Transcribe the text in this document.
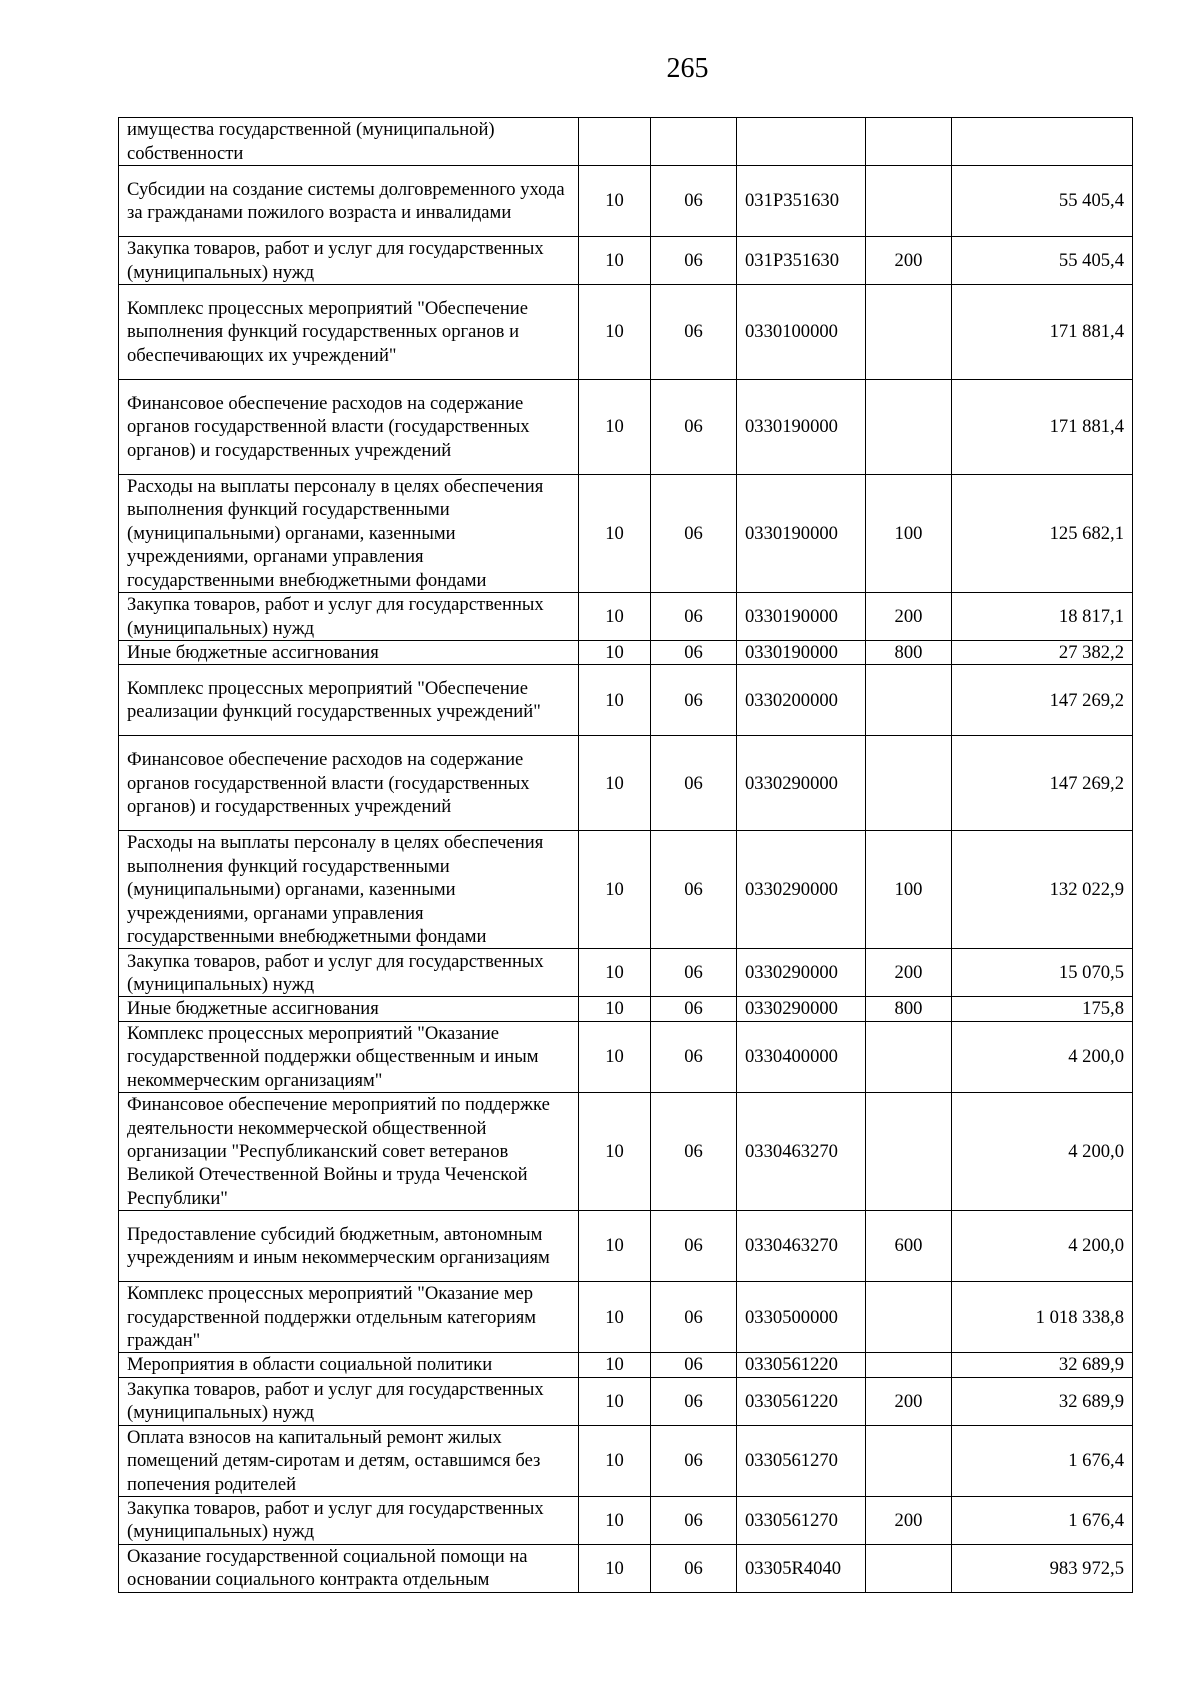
265
имущества государственной (муниципальной) собственности					
Субсидии на создание системы долговременного ухода за гражданами пожилого возраста и инвалидами	10	06	031P351630		55 405,4
Закупка товаров, работ и услуг для государственных (муниципальных) нужд	10	06	031P351630	200	55 405,4
Комплекс процессных мероприятий "Обеспечение выполнения функций государственных органов и обеспечивающих их учреждений"	10	06	0330100000		171 881,4
Финансовое обеспечение расходов на содержание органов государственной власти (государственных органов) и государственных учреждений	10	06	0330190000		171 881,4
Расходы на выплаты персоналу в целях обеспечения выполнения функций государственными (муниципальными) органами, казенными учреждениями, органами управления государственными внебюджетными фондами	10	06	0330190000	100	125 682,1
Закупка товаров, работ и услуг для государственных (муниципальных) нужд	10	06	0330190000	200	18 817,1
Иные бюджетные ассигнования	10	06	0330190000	800	27 382,2
Комплекс процессных мероприятий "Обеспечение реализации функций государственных учреждений"	10	06	0330200000		147 269,2
Финансовое обеспечение расходов на содержание органов государственной власти (государственных органов) и государственных учреждений	10	06	0330290000		147 269,2
Расходы на выплаты персоналу в целях обеспечения выполнения функций государственными (муниципальными) органами, казенными учреждениями, органами управления государственными внебюджетными фондами	10	06	0330290000	100	132 022,9
Закупка товаров, работ и услуг для государственных (муниципальных) нужд	10	06	0330290000	200	15 070,5
Иные бюджетные ассигнования	10	06	0330290000	800	175,8
Комплекс процессных мероприятий "Оказание государственной поддержки общественным и иным некоммерческим организациям"	10	06	0330400000		4 200,0
Финансовое обеспечение мероприятий по поддержке деятельности некоммерческой общественной организации "Республиканский совет ветеранов Великой Отечественной Войны и труда Чеченской Республики"	10	06	0330463270		4 200,0
Предоставление субсидий бюджетным, автономным учреждениям и иным некоммерческим организациям	10	06	0330463270	600	4 200,0
Комплекс процессных мероприятий "Оказание мер государственной поддержки отдельным категориям граждан"	10	06	0330500000		1 018 338,8
Мероприятия в области социальной политики	10	06	0330561220		32 689,9
Закупка товаров, работ и услуг для государственных (муниципальных) нужд	10	06	0330561220	200	32 689,9
Оплата взносов на капитальный ремонт жилых помещений детям-сиротам и детям, оставшимся без попечения родителей	10	06	0330561270		1 676,4
Закупка товаров, работ и услуг для государственных (муниципальных) нужд	10	06	0330561270	200	1 676,4
Оказание государственной социальной помощи на основании социального контракта отдельным	10	06	03305R4040		983 972,5
